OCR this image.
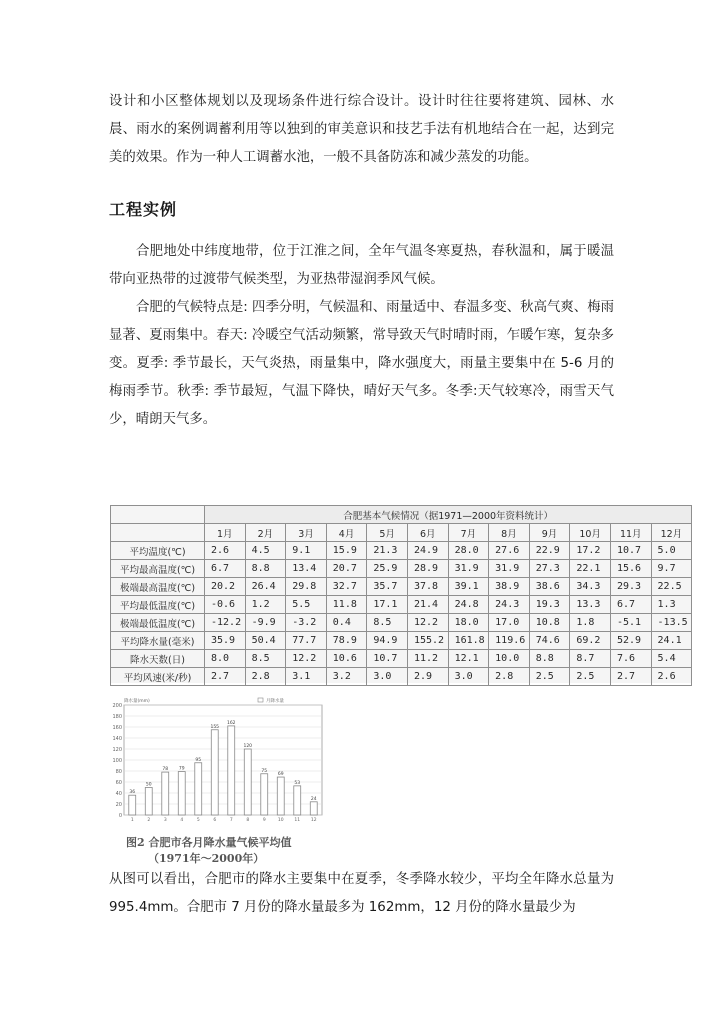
设计和小区整体规划以及现场条件进行综合设计。设计时往往要将建筑、园林、水晨、雨水的案例调蓄利用等以独到的审美意识和技艺手法有机地结合在一起，达到完美的效果。作为一种人工调蓄水池，一般不具备防冻和减少蒸发的功能。

工程实例

合肥地处中纬度地带，位于江淮之间，全年气温冬寒夏热，春秋温和，属于暖温带向亚热带的过渡带气候类型，为亚热带湿润季风气候。

合肥的气候特点是: 四季分明，气候温和、雨量适中、春温多变、秋高气爽、梅雨显著、夏雨集中。春天: 冷暖空气活动频繁，常导致天气时晴时雨，乍暖乍寒，复杂多变。夏季: 季节最长，天气炎热，雨量集中，降水强度大，雨量主要集中在 5-6 月的梅雨季节。秋季: 季节最短，气温下降快，晴好天气多。冬季:天气较寒冷，雨雪天气少，晴朗天气多。

	合肥基本气候情况（据1971—2000年资料统计）											
	1月	2月	3月	4月	5月	6月	7月	8月	9月	10月	11月	12月
平均温度(℃)	2.6	4.5	9.1	15.9	21.3	24.9	28.0	27.6	22.9	17.2	10.7	5.0
平均最高温度(℃)	6.7	8.8	13.4	20.7	25.9	28.9	31.9	31.9	27.3	22.1	15.6	9.7
极端最高温度(℃)	20.2	26.4	29.8	32.7	35.7	37.8	39.1	38.9	38.6	34.3	29.3	22.5
平均最低温度(℃)	-0.6	1.2	5.5	11.8	17.1	21.4	24.8	24.3	19.3	13.3	6.7	1.3
极端最低温度(℃)	-12.2	-9.9	-3.2	0.4	8.5	12.2	18.0	17.0	10.8	1.8	-5.1	-13.5
平均降水量(毫米)	35.9	50.4	77.7	78.9	94.9	155.2	161.8	119.6	74.6	69.2	52.9	24.1
降水天数(日)	8.0	8.5	12.2	10.6	10.7	11.2	12.1	10.0	8.8	8.7	7.6	5.4
平均风速(米/秒)	2.7	2.8	3.1	3.2	3.0	2.9	3.0	2.8	2.5	2.5	2.7	2.6
0
20
40
60
80
100
120
140
160
180
200
降水量(mm)	月降水量
36
1
50
2
78
3
79
4
95
5
155
6
162
7
120
8
75
9
69
10
53
11
24
12

图2 合肥市各月降水量气候平均值

（1971年～2000年）

从图可以看出，合肥市的降水主要集中在夏季，冬季降水较少，平均全年降水总量为 995.4mm。合肥市 7 月份的降水量最多为 162mm，12 月份的降水量最少为
